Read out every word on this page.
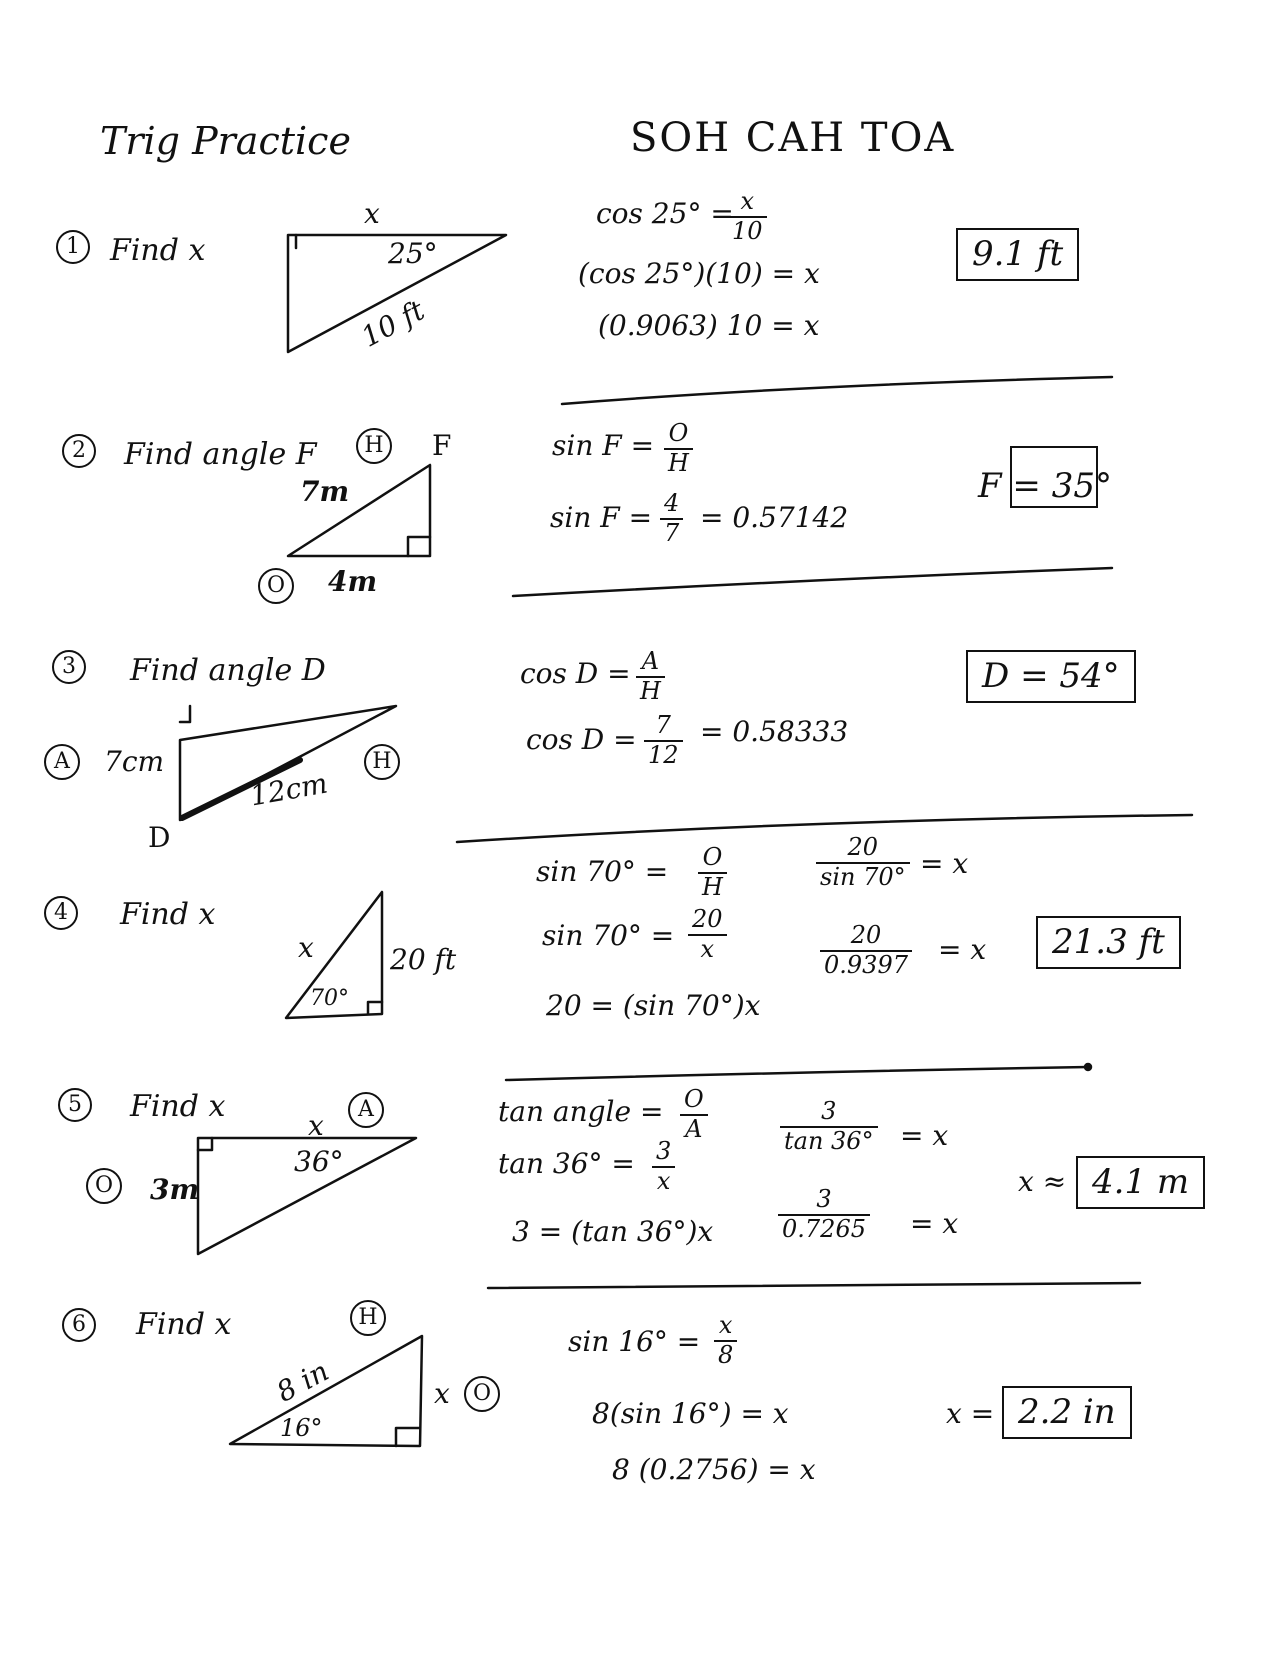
Trig Practice	SOH CAH TOA
1	Find x
x
25°
10 ft
cos 25° =
$\frac{x}{10}$
(cos 25°)(10) = x
(0.9063) 10 = x
9.1 ft
2	Find angle F	H	F
7m
O	4m
$\sin F = \frac{O}{H}$
$\sin F = \frac{4}{7} = 0.57142$
F = 35°
3	Find angle D
A	7cm
12cm
H
D
$\cos D = \frac{A}{H}$
$\cos D = \frac{7}{12} = 0.58333$
D = 54°
4	Find x
x	20 ft
70°
$\sin 70^\circ = \frac{O}{H}$
$\sin 70^\circ = \frac{20}{x}$
20 = (sin 70°)x
$\frac{20}{\sin 70^\circ} = x$
$\frac{20}{0.9397} = x$	21.3 ft
5	Find x
x	A
36°
O	3m
tan angle = $\frac{O}{A}$
$\tan 36^\circ = \frac{3}{x}$
3 = (tan 36°)x
$\frac{3}{\tan 36^\circ} = x$
$\frac{3}{0.7265} = x$
x ≈ 4.1 m
6	Find x	H
8 in
16°
x	O
$\sin 16^\circ = \frac{x}{8}$
8(sin 16°) = x
8 (0.2756) = x
x = 2.2 in
